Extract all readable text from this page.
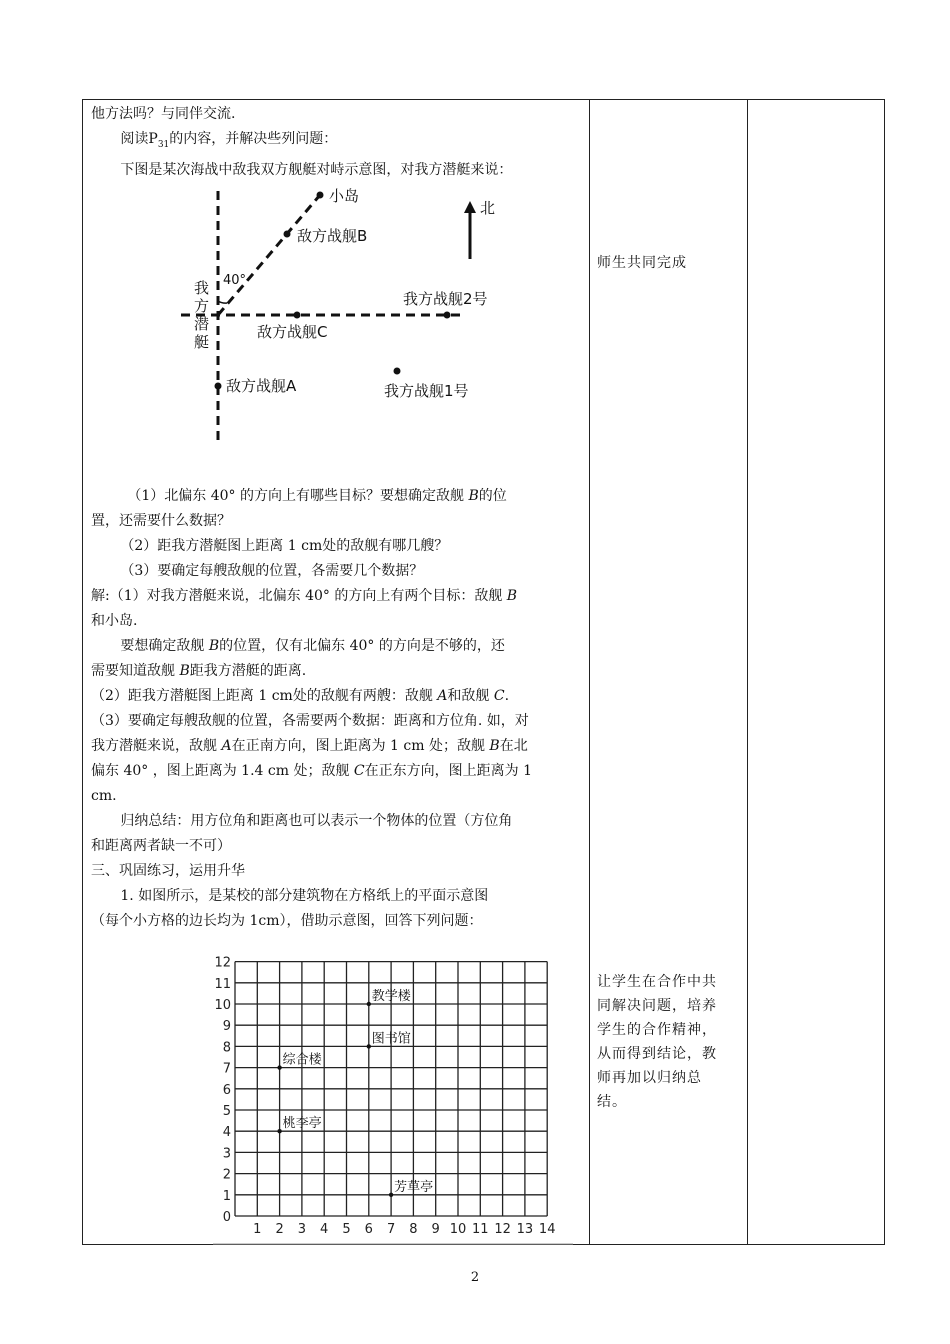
他方法吗？与同伴交流.

阅读$P_{31}$的内容，并解决些列问题：

下图是某次海战中敌我双方舰艇对峙示意图，对我方潜艇来说：

小岛
敌方战舰B
北
40°
我
方
潜
艇
我方战舰2号
敌方战舰C
敌方战舰A	我方战舰1号

（1）北偏东 40° 的方向上有哪些目标？要想确定敌舰 B的位

置，还需要什么数据？

（2）距我方潜艇图上距离 1 cm处的敌舰有哪几艘？

（3）要确定每艘敌舰的位置，各需要几个数据？

解:（1）对我方潜艇来说，北偏东 40° 的方向上有两个目标：敌舰 B

和小岛.

要想确定敌舰 B的位置，仅有北偏东 40° 的方向是不够的，还

需要知道敌舰 B距我方潜艇的距离.

（2）距我方潜艇图上距离 1 cm处的敌舰有两艘：敌舰 A和敌舰 C.

（3）要确定每艘敌舰的位置，各需要两个数据：距离和方位角. 如，对

我方潜艇来说，敌舰 A在正南方向，图上距离为 1 cm 处；敌舰 B在北

偏东 40° ，图上距离为 1.4 cm 处；敌舰 C在正东方向，图上距离为 1

cm.

归纳总结：用方位角和距离也可以表示一个物体的位置（方位角

和距离两者缺一不可）

三、巩固练习，运用升华

1. 如图所示，是某校的部分建筑物在方格纸上的平面示意图

（每个小方格的边长均为 1cm），借助示意图，回答下列问题：

0
1
2
3
4
5
6
7
8
9
10
11
12
1 2 3 4 5 6 7 8 9 10 11 12 13 14
教学楼
图书馆
综合楼
桃李亭
芳草亭
师生共同完成
让学生在合作中共
同解决问题，培养
学生的合作精神，
从而得到结论，教
师再加以归纳总
结。
2
